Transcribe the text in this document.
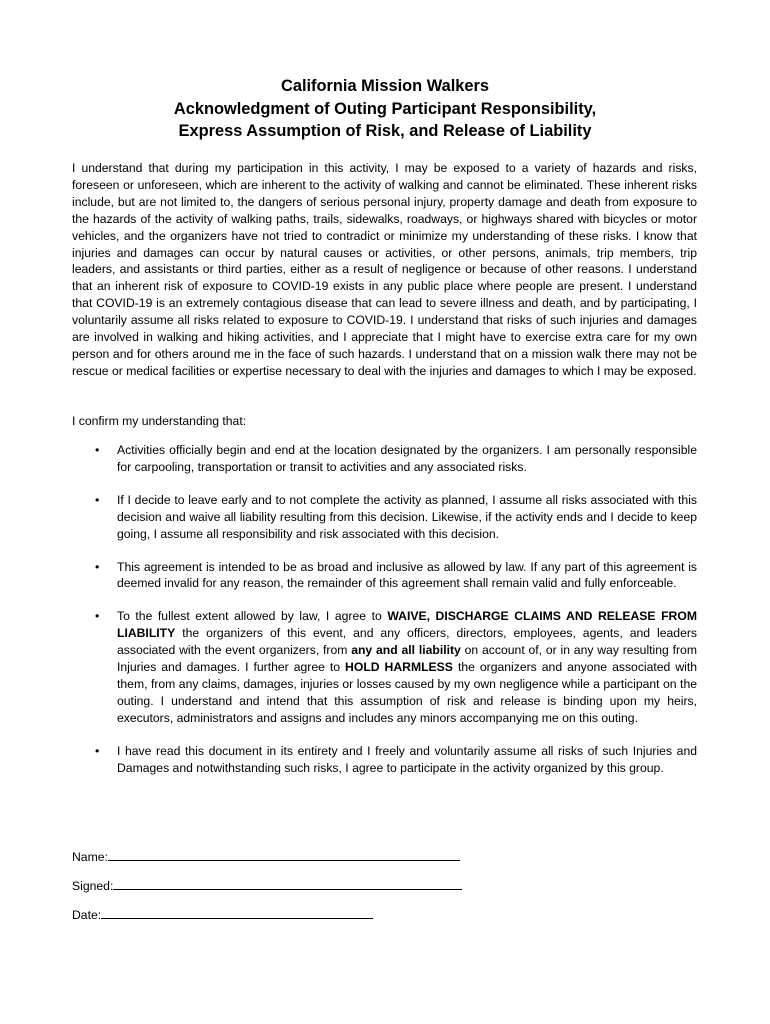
California Mission Walkers
Acknowledgment of Outing Participant Responsibility,
Express Assumption of Risk, and Release of Liability
I understand that during my participation in this activity, I may be exposed to a variety of hazards and risks, foreseen or unforeseen, which are inherent to the activity of walking and cannot be eliminated. These inherent risks include, but are not limited to, the dangers of serious personal injury, property damage and death from exposure to the hazards of the activity of walking paths, trails, sidewalks, roadways, or highways shared with bicycles or motor vehicles, and the organizers have not tried to contradict or minimize my understanding of these risks. I know that injuries and damages can occur by natural causes or activities, or other persons, animals, trip members, trip leaders, and assistants or third parties, either as a result of negligence or because of other reasons. I understand that an inherent risk of exposure to COVID-19 exists in any public place where people are present. I understand that COVID-19 is an extremely contagious disease that can lead to severe illness and death, and by participating, I voluntarily assume all risks related to exposure to COVID-19. I understand that risks of such injuries and damages are involved in walking and hiking activities, and I appreciate that I might have to exercise extra care for my own person and for others around me in the face of such hazards. I understand that on a mission walk there may not be rescue or medical facilities or expertise necessary to deal with the injuries and damages to which I may be exposed.
I confirm my understanding that:
• Activities officially begin and end at the location designated by the organizers. I am personally responsible for carpooling, transportation or transit to activities and any associated risks.
• If I decide to leave early and to not complete the activity as planned, I assume all risks associated with this decision and waive all liability resulting from this decision. Likewise, if the activity ends and I decide to keep going, I assume all responsibility and risk associated with this decision.
• This agreement is intended to be as broad and inclusive as allowed by law. If any part of this agreement is deemed invalid for any reason, the remainder of this agreement shall remain valid and fully enforceable.
• To the fullest extent allowed by law, I agree to WAIVE, DISCHARGE CLAIMS AND RELEASE FROM LIABILITY the organizers of this event, and any officers, directors, employees, agents, and leaders associated with the event organizers, from any and all liability on account of, or in any way resulting from Injuries and damages. I further agree to HOLD HARMLESS the organizers and anyone associated with them, from any claims, damages, injuries or losses caused by my own negligence while a participant on the outing. I understand and intend that this assumption of risk and release is binding upon my heirs, executors, administrators and assigns and includes any minors accompanying me on this outing.
• I have read this document in its entirety and I freely and voluntarily assume all risks of such Injuries and Damages and notwithstanding such risks, I agree to participate in the activity organized by this group.
Name:
Signed:
Date:
